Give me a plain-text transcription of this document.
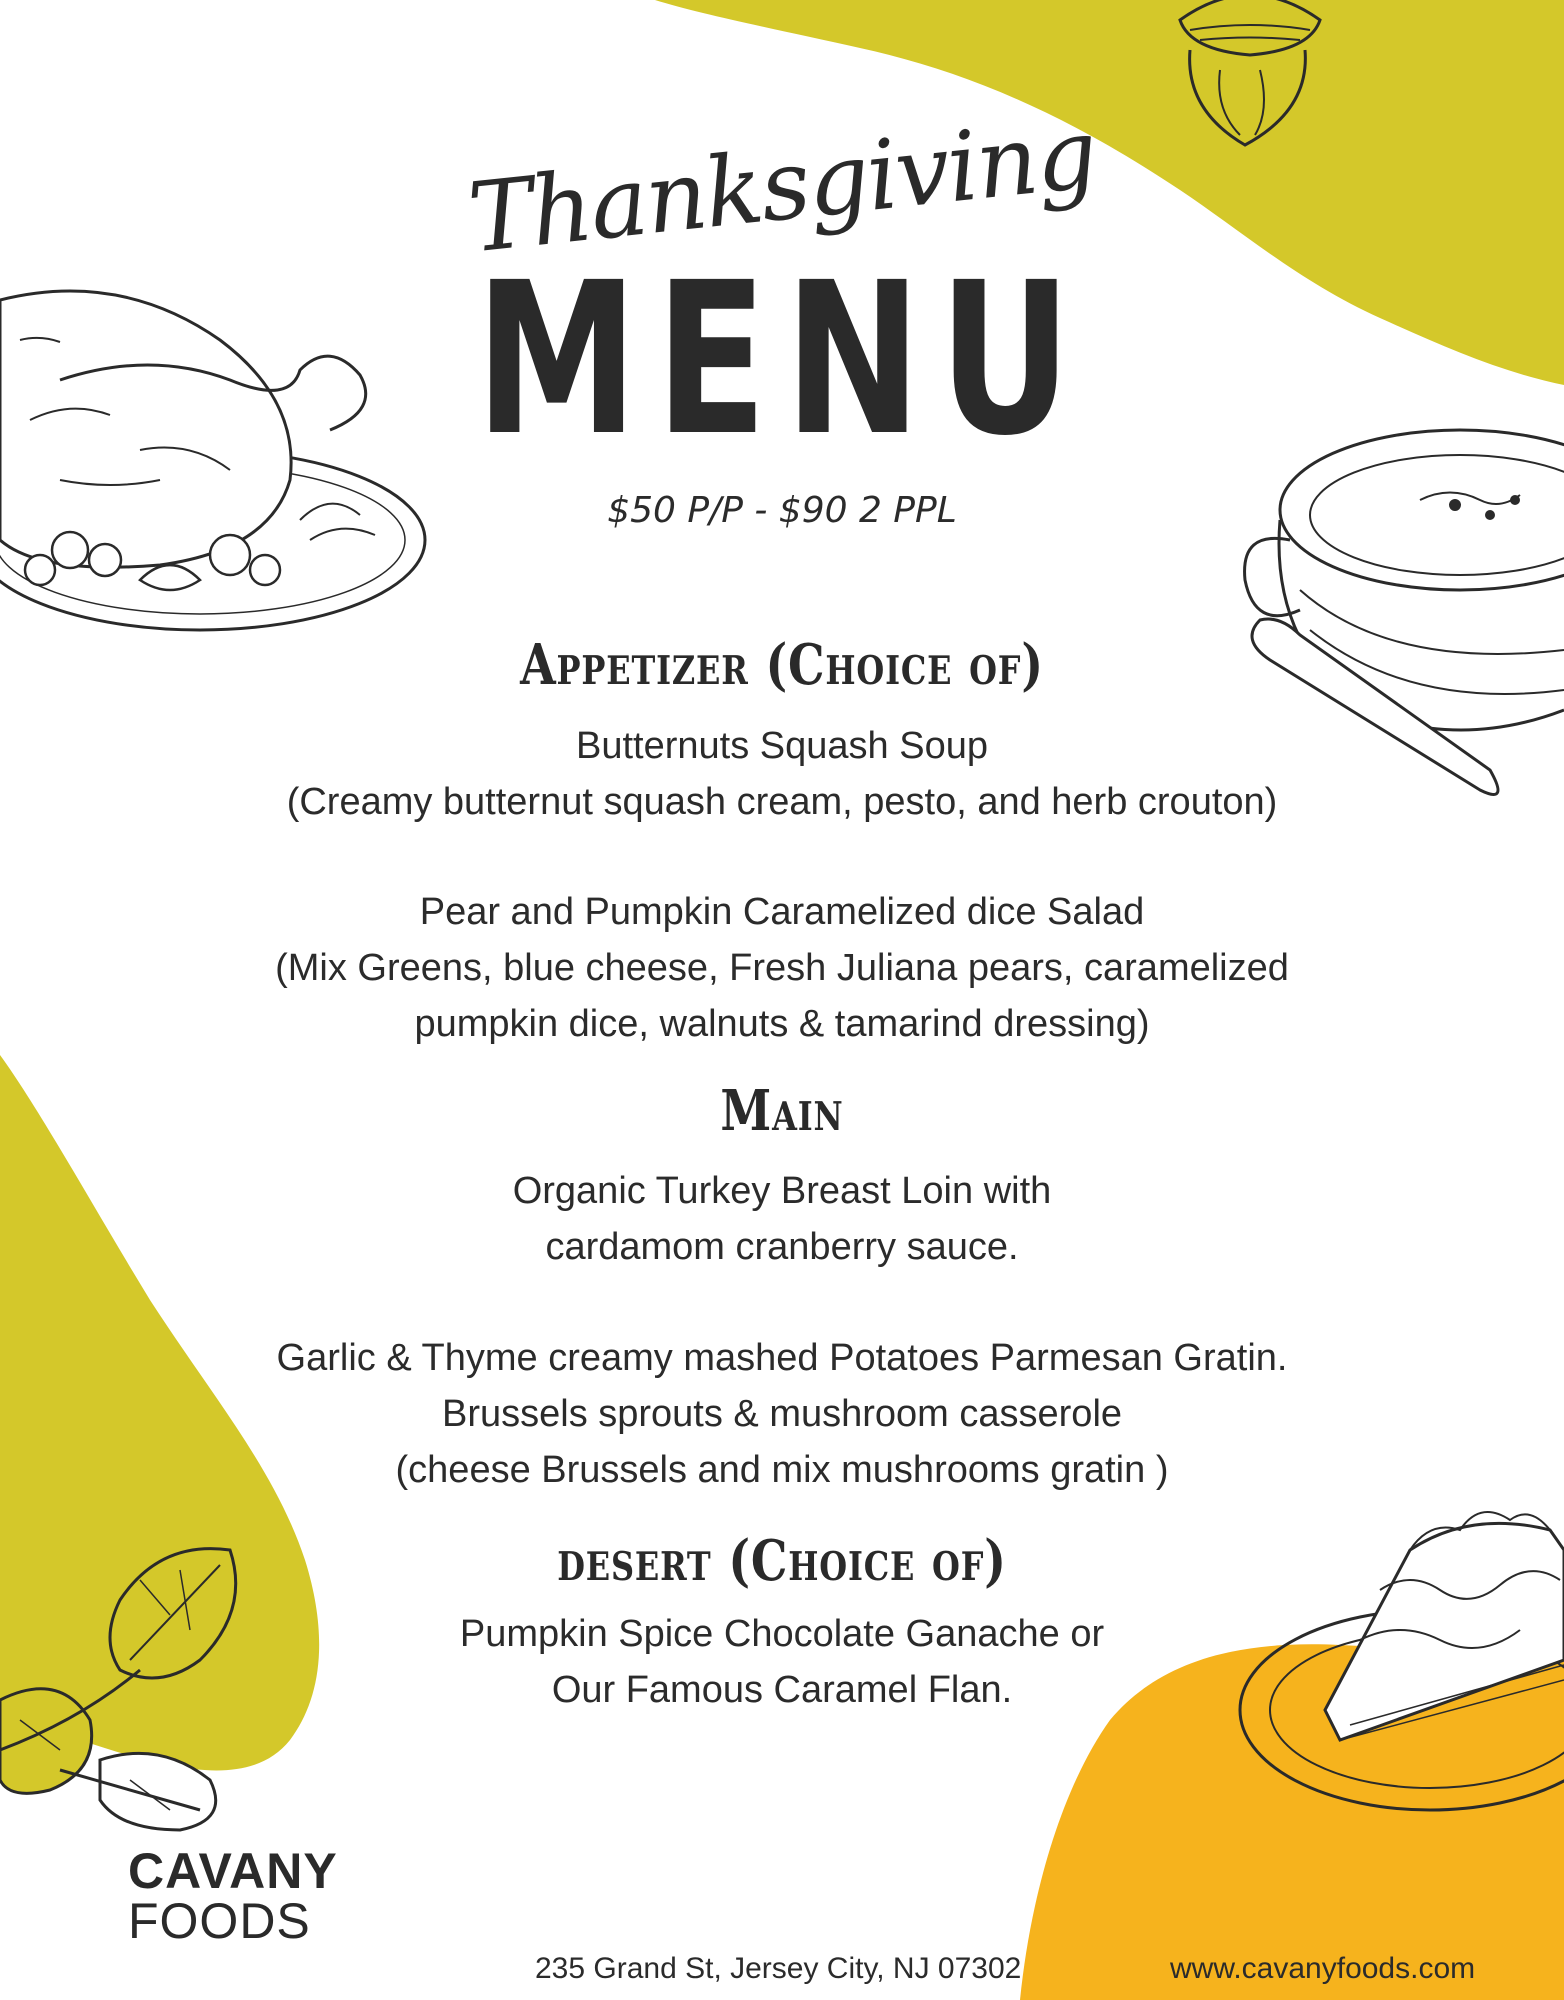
Thanksgiving
MENU
$50 P/P - $90 2 PPL
Appetizer (Choice of)
Butternuts Squash Soup
(Creamy butternut squash cream, pesto, and herb crouton)
Pear and Pumpkin Caramelized dice Salad
(Mix Greens, blue cheese, Fresh Juliana pears, caramelized
pumpkin dice, walnuts & tamarind dressing)
Main
Organic Turkey Breast Loin with
cardamom cranberry sauce.
Garlic & Thyme creamy mashed Potatoes Parmesan Gratin.
Brussels sprouts & mushroom casserole
(cheese Brussels and mix mushrooms gratin )
desert (Choice of)
Pumpkin Spice Chocolate Ganache or
Our Famous Caramel Flan.
CAVANY
FOODS
235 Grand St, Jersey City, NJ 07302	www.cavanyfoods.com
